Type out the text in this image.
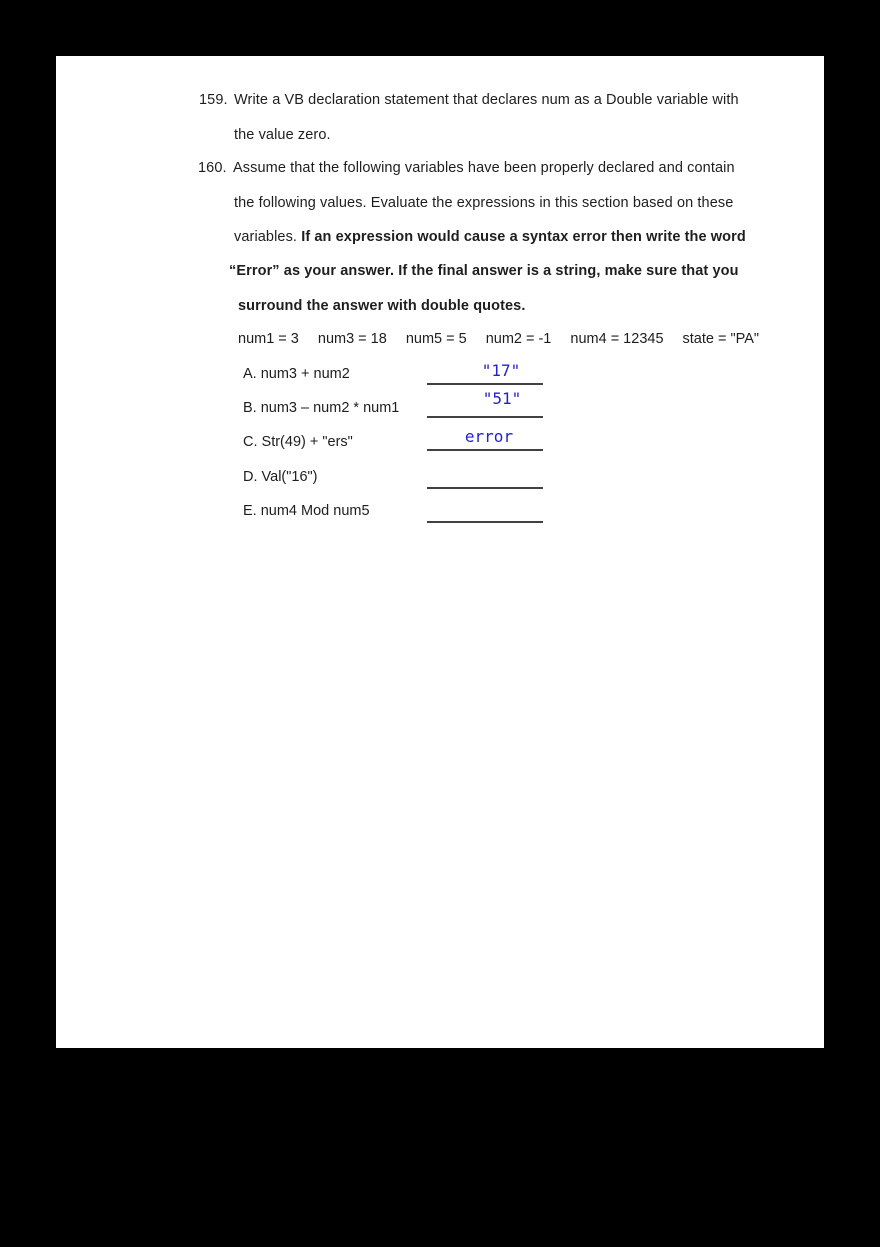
159. Write a VB declaration statement that declares num as a Double variable with
the value zero.
160. Assume that the following variables have been properly declared and contain
the following values. Evaluate the expressions in this section based on these
variables. If an expression would cause a syntax error then write the word
“Error” as your answer. If the final answer is a string, make sure that you
surround the answer with double quotes.
num1 = 3 num3 = 18 num5 = 5 num2 = -1 num4 = 12345 state = "PA"
A. num3 + num2
B. num3 – num2 * num1
C. Str(49) + "ers"
D. Val("16")
E. num4 Mod num5
"17"
"51"
error
